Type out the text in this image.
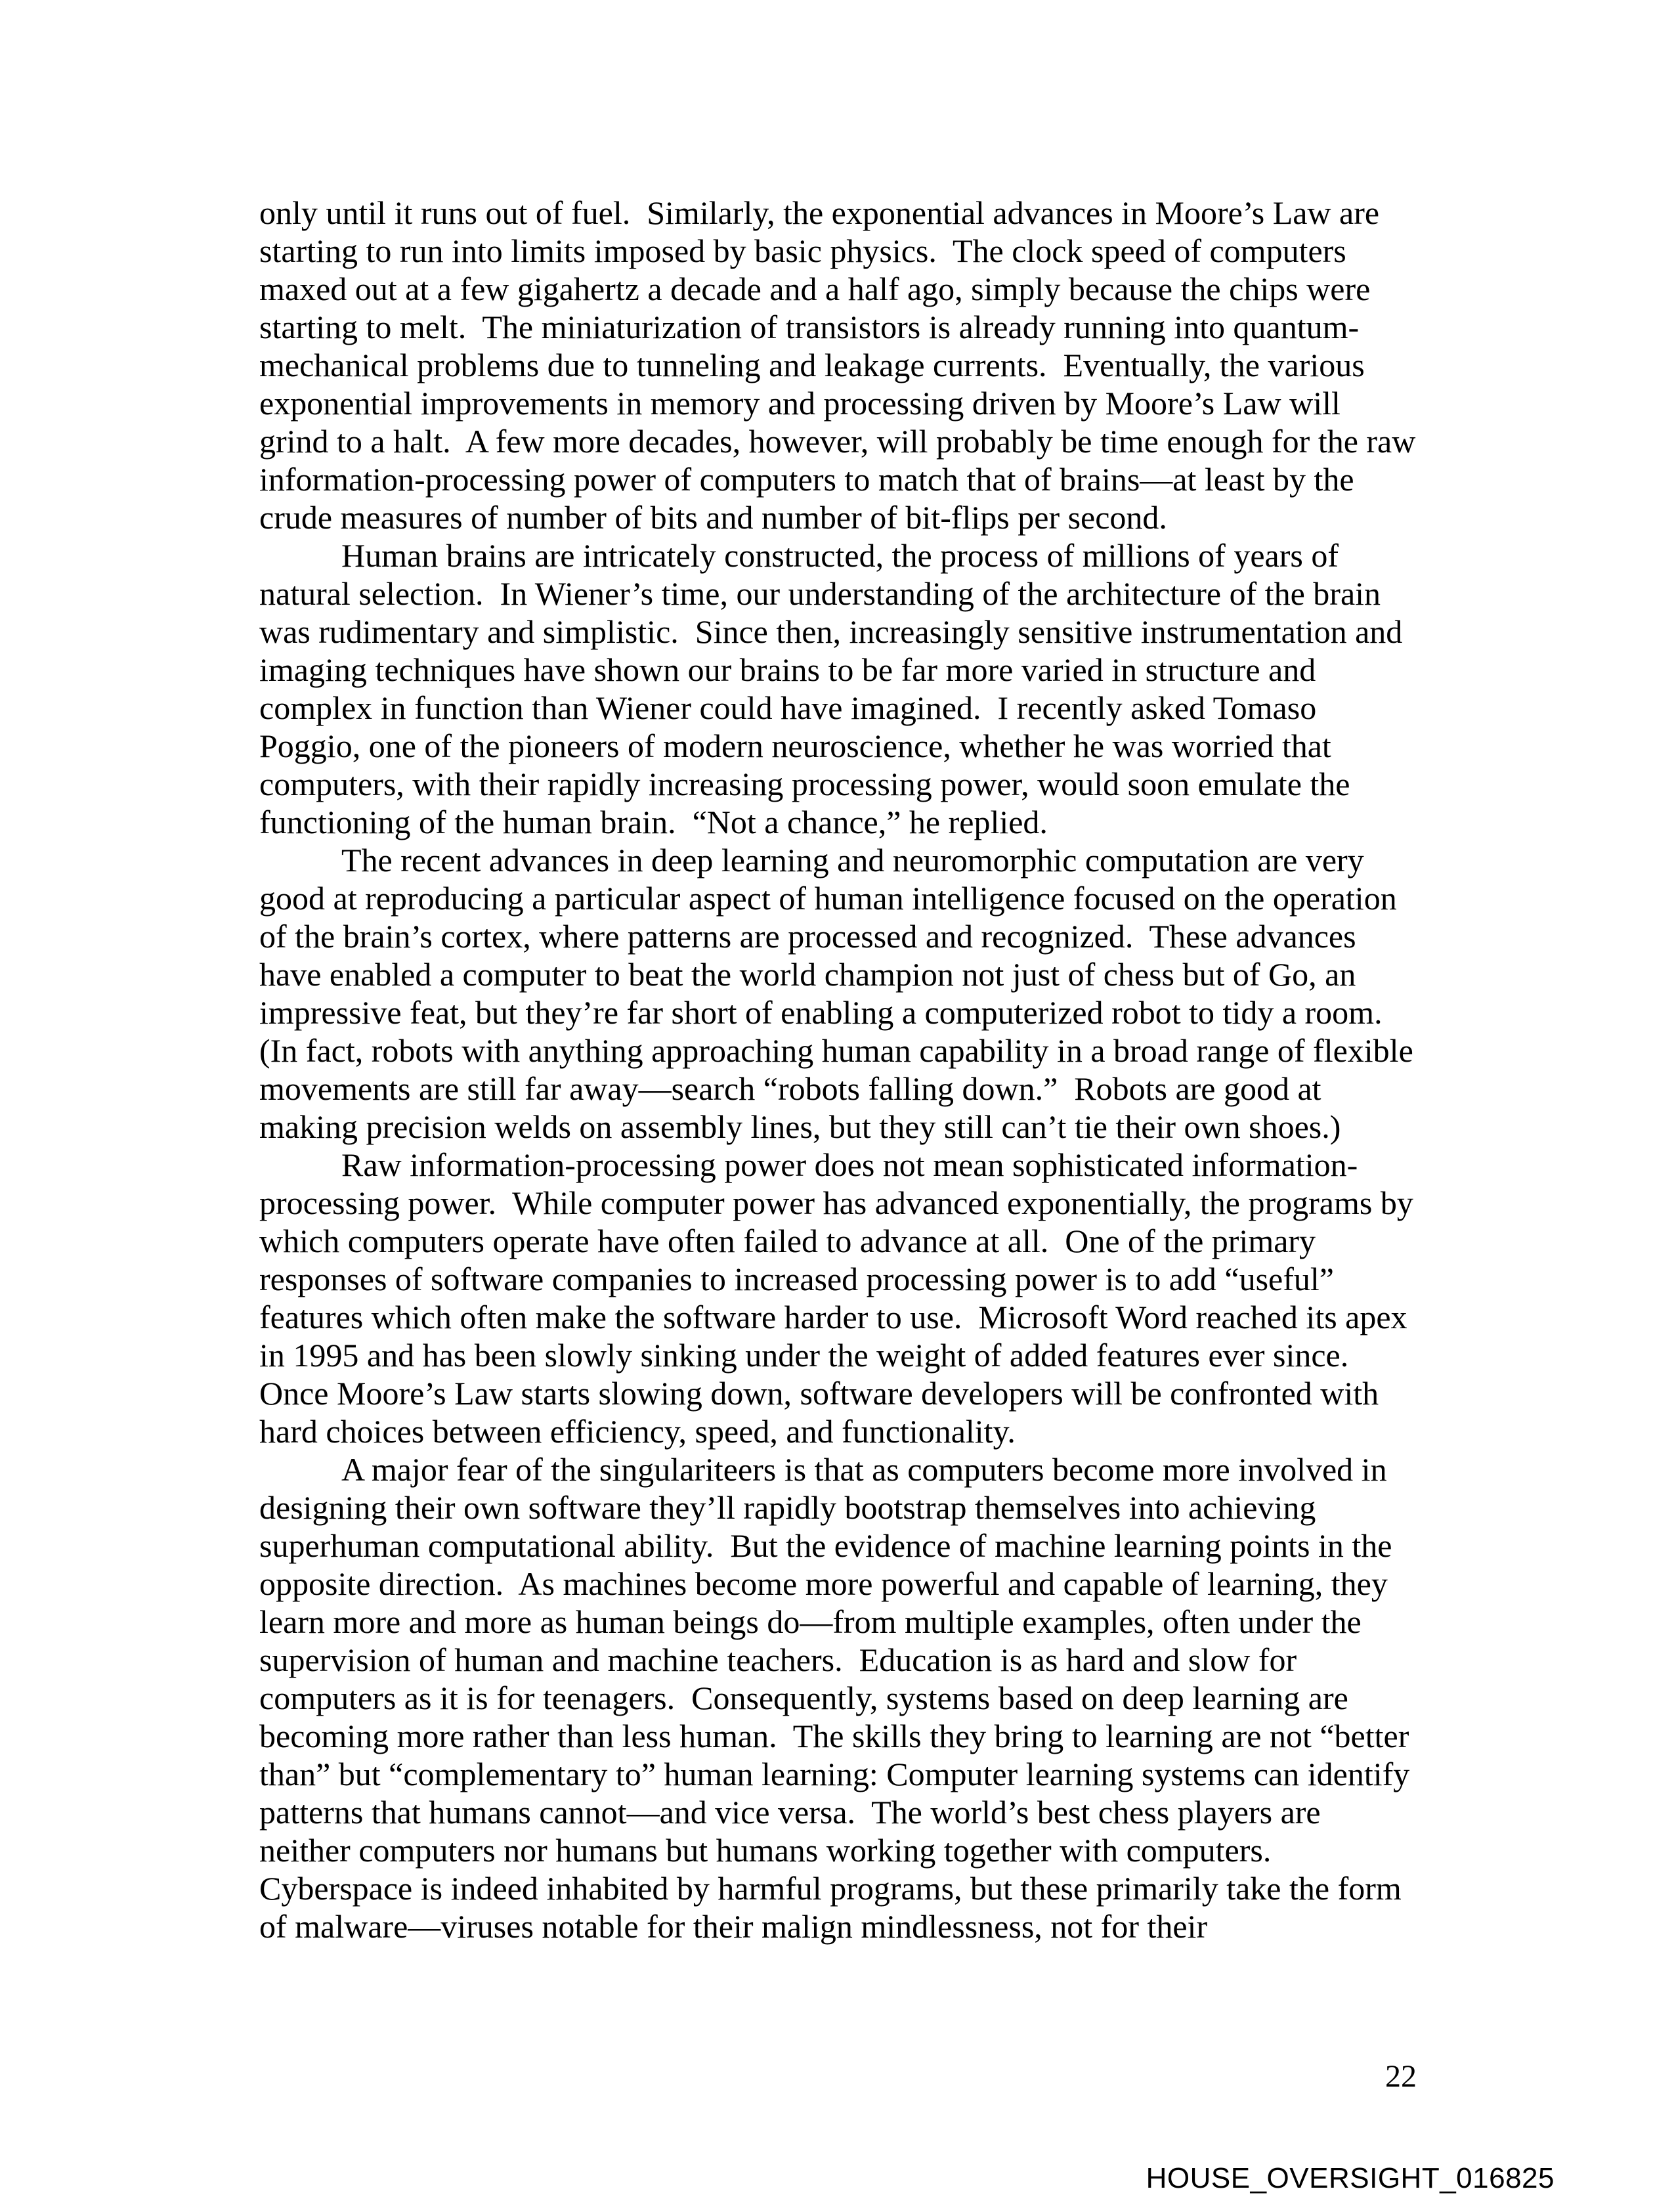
only until it runs out of fuel.  Similarly, the exponential advances in Moore’s Law are starting to run into limits imposed by basic physics.  The clock speed of computers maxed out at a few gigahertz a decade and a half ago, simply because the chips were starting to melt.  The miniaturization of transistors is already running into quantum-mechanical problems due to tunneling and leakage currents.  Eventually, the various exponential improvements in memory and processing driven by Moore’s Law will grind to a halt.  A few more decades, however, will probably be time enough for the raw information-processing power of computers to match that of brains—at least by the crude measures of number of bits and number of bit-flips per second.

Human brains are intricately constructed, the process of millions of years of natural selection.  In Wiener’s time, our understanding of the architecture of the brain was rudimentary and simplistic.  Since then, increasingly sensitive instrumentation and imaging techniques have shown our brains to be far more varied in structure and complex in function than Wiener could have imagined.  I recently asked Tomaso Poggio, one of the pioneers of modern neuroscience, whether he was worried that computers, with their rapidly increasing processing power, would soon emulate the functioning of the human brain.  “Not a chance,” he replied.

The recent advances in deep learning and neuromorphic computation are very good at reproducing a particular aspect of human intelligence focused on the operation of the brain’s cortex, where patterns are processed and recognized.  These advances have enabled a computer to beat the world champion not just of chess but of Go, an impressive feat, but they’re far short of enabling a computerized robot to tidy a room.  (In fact, robots with anything approaching human capability in a broad range of flexible movements are still far away—search “robots falling down.”  Robots are good at making precision welds on assembly lines, but they still can’t tie their own shoes.)

Raw information-processing power does not mean sophisticated information-processing power.  While computer power has advanced exponentially, the programs by which computers operate have often failed to advance at all.  One of the primary responses of software companies to increased processing power is to add “useful” features which often make the software harder to use.  Microsoft Word reached its apex in 1995 and has been slowly sinking under the weight of added features ever since.  Once Moore’s Law starts slowing down, software developers will be confronted with hard choices between efficiency, speed, and functionality.

A major fear of the singulariteers is that as computers become more involved in designing their own software they’ll rapidly bootstrap themselves into achieving superhuman computational ability.  But the evidence of machine learning points in the opposite direction.  As machines become more powerful and capable of learning, they learn more and more as human beings do—from multiple examples, often under the supervision of human and machine teachers.  Education is as hard and slow for computers as it is for teenagers.  Consequently, systems based on deep learning are becoming more rather than less human.  The skills they bring to learning are not “better than” but “complementary to” human learning: Computer learning systems can identify patterns that humans cannot—and vice versa.  The world’s best chess players are neither computers nor humans but humans working together with computers.  Cyberspace is indeed inhabited by harmful programs, but these primarily take the form of malware—viruses notable for their malign mindlessness, not for their

22
HOUSE_OVERSIGHT_016825
